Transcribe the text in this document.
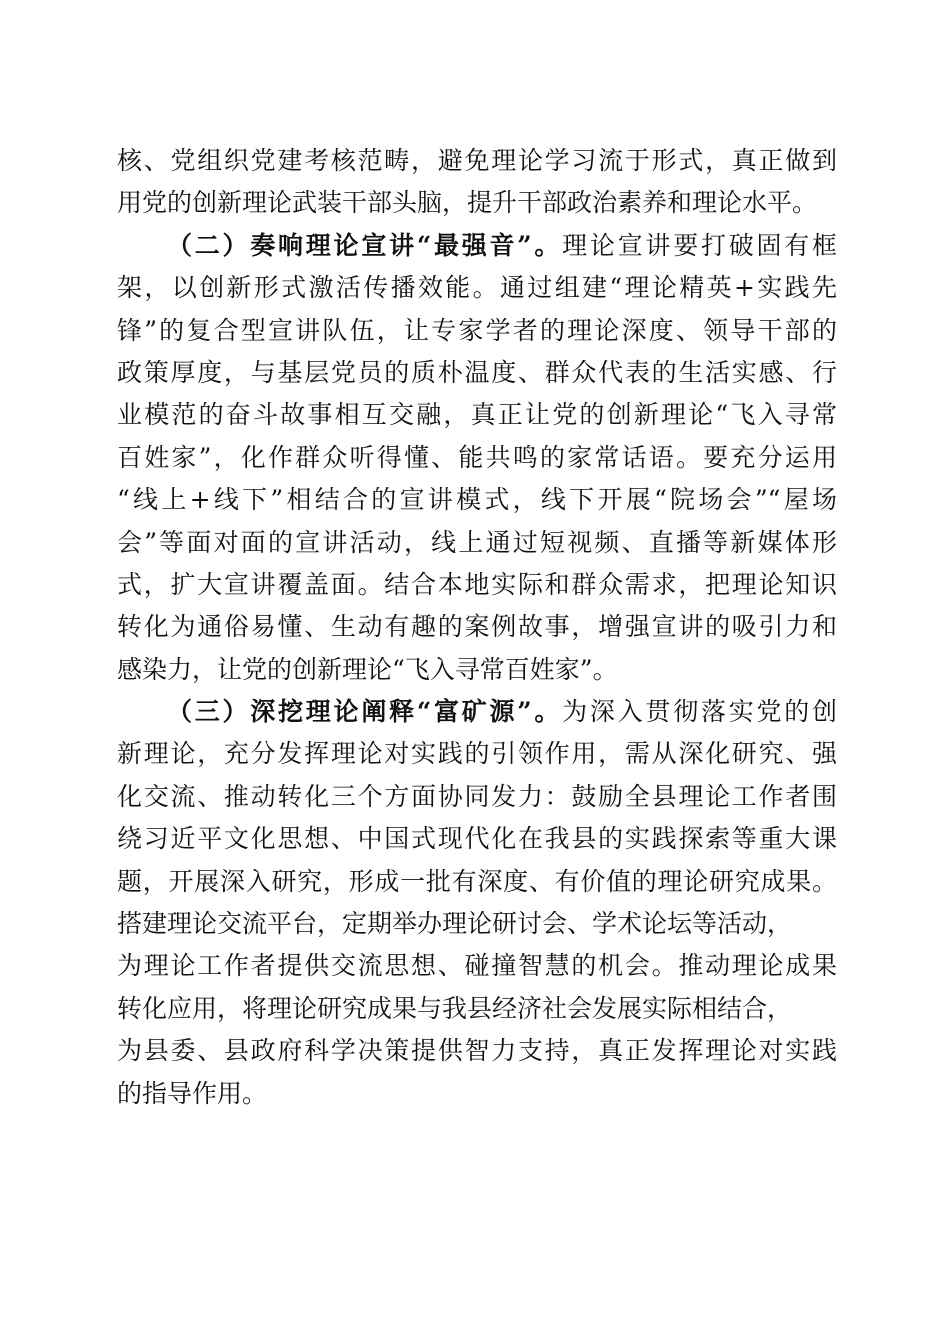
核、党组织党建考核范畴，避免理论学习流于形式，真正做到
用党的创新理论武装干部头脑，提升干部政治素养和理论水平。
（二）奏响理论宣讲“最强音”。理论宣讲要打破固有框
架，以创新形式激活传播效能。通过组建“理论精英+实践先
锋”的复合型宣讲队伍，让专家学者的理论深度、领导干部的
政策厚度，与基层党员的质朴温度、群众代表的生活实感、行
业模范的奋斗故事相互交融，真正让党的创新理论“飞入寻常
百姓家”，化作群众听得懂、能共鸣的家常话语。要充分运用
“线上+线下”相结合的宣讲模式，线下开展“院场会”“屋场
会”等面对面的宣讲活动，线上通过短视频、直播等新媒体形
式，扩大宣讲覆盖面。结合本地实际和群众需求，把理论知识
转化为通俗易懂、生动有趣的案例故事，增强宣讲的吸引力和
感染力，让党的创新理论“飞入寻常百姓家”。
（三）深挖理论阐释“富矿源”。为深入贯彻落实党的创
新理论，充分发挥理论对实践的引领作用，需从深化研究、强
化交流、推动转化三个方面协同发力：鼓励全县理论工作者围
绕习近平文化思想、中国式现代化在我县的实践探索等重大课
题，开展深入研究，形成一批有深度、有价值的理论研究成果。
搭建理论交流平台，定期举办理论研讨会、学术论坛等活动，
为理论工作者提供交流思想、碰撞智慧的机会。推动理论成果
转化应用，将理论研究成果与我县经济社会发展实际相结合，
为县委、县政府科学决策提供智力支持，真正发挥理论对实践
的指导作用。
